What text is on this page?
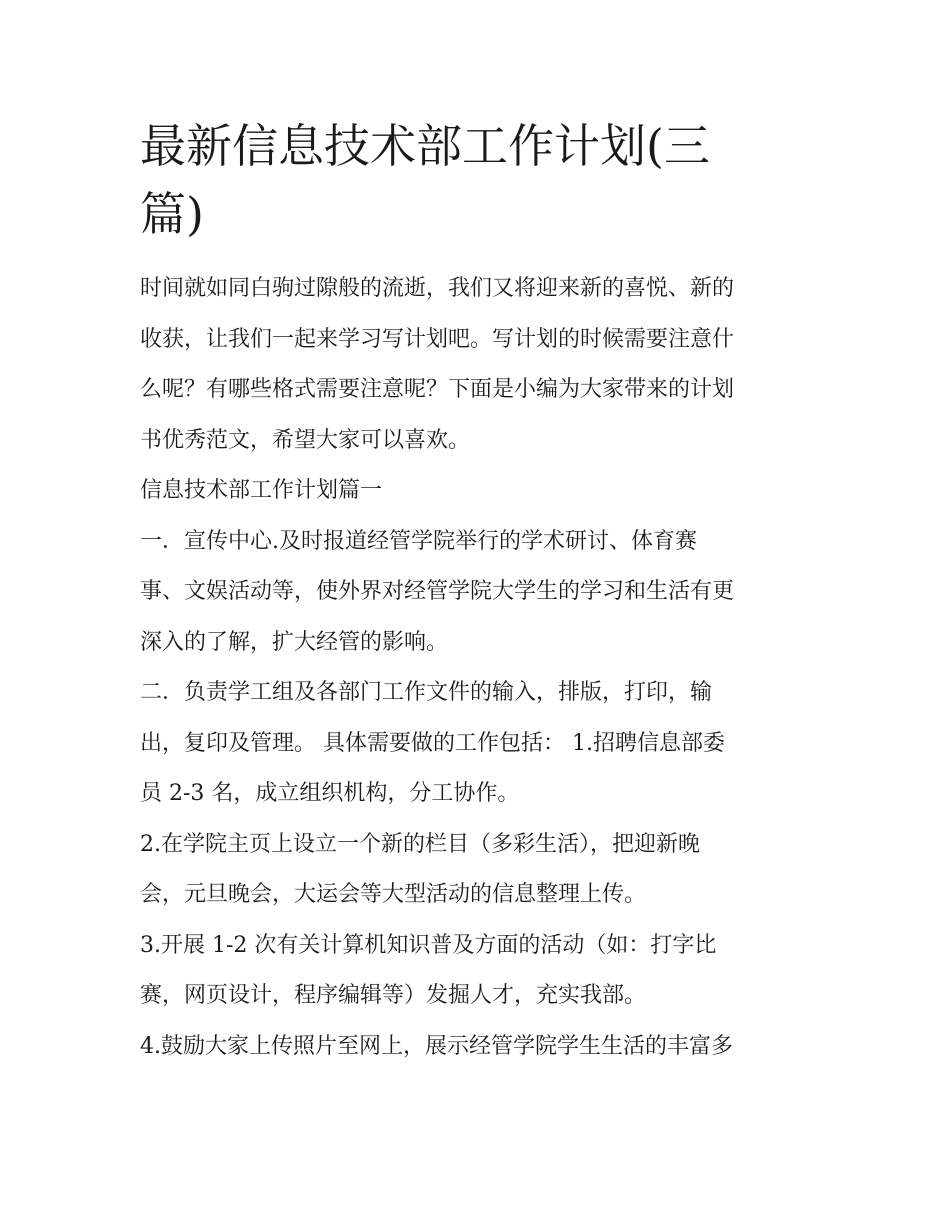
最新信息技术部工作计划(三
篇)

时间就如同白驹过隙般的流逝，我们又将迎来新的喜悦、新的
收获，让我们一起来学习写计划吧。写计划的时候需要注意什
么呢？有哪些格式需要注意呢？下面是小编为大家带来的计划
书优秀范文，希望大家可以喜欢。

信息技术部工作计划篇一

一．宣传中心.及时报道经管学院举行的学术研讨、体育赛
事、文娱活动等，使外界对经管学院大学生的学习和生活有更
深入的了解，扩大经管的影响。

二．负责学工组及各部门工作文件的输入，排版，打印，输
出，复印及管理。 具体需要做的工作包括： 1.招聘信息部委
员 2-3 名，成立组织机构，分工协作。

2.在学院主页上设立一个新的栏目（多彩生活），把迎新晚
会，元旦晚会，大运会等大型活动的信息整理上传。

3.开展 1-2 次有关计算机知识普及方面的活动（如：打字比
赛，网页设计，程序编辑等）发掘人才，充实我部。

4.鼓励大家上传照片至网上，展示经管学院学生生活的丰富多
